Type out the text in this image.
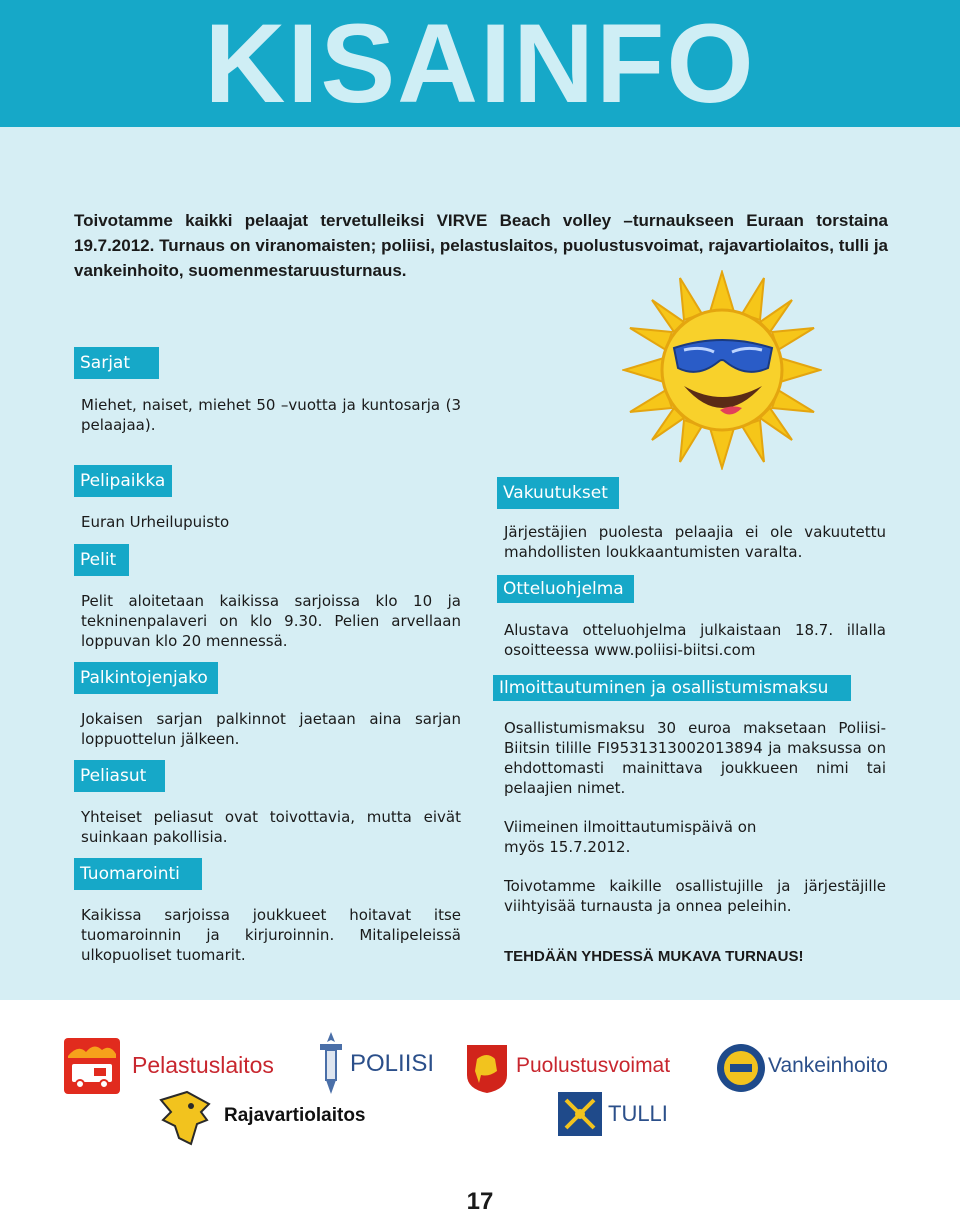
KISAINFO
Toivotamme kaikki pelaajat tervetulleiksi VIRVE Beach volley –turnaukseen Euraan torstaina 19.7.2012. Turnaus on viranomaisten; poliisi, pelastuslaitos, puolustusvoimat, rajavartiolaitos, tulli ja vankeinhoito, suomenmestaruusturnaus.
Sarjat
Miehet, naiset, miehet 50 –vuotta ja kuntosarja (3 pelaajaa).
Pelipaikka
Euran Urheilupuisto
Pelit
Pelit aloitetaan kaikissa sarjoissa klo 10 ja tekninenpalaveri on klo 9.30. Pelien arvellaan loppuvan klo 20 mennessä.
Palkintojenjako
Jokaisen sarjan palkinnot jaetaan aina sarjan loppuottelun jälkeen.
Peliasut
Yhteiset peliasut ovat toivottavia, mutta eivät suinkaan pakollisia.
Tuomarointi
Kaikissa sarjoissa joukkueet hoitavat itse tuomaroinnin ja kirjuroinnin. Mitalipeleissä ulkopuoliset tuomarit.
Vakuutukset
Järjestäjien puolesta pelaajia ei ole vakuutettu mahdollisten loukkaantumisten varalta.
Otteluohjelma
Alustava otteluohjelma julkaistaan 18.7. illalla osoitteessa www.poliisi-biitsi.com
Ilmoittautuminen ja osallistumismaksu
Osallistumismaksu 30 euroa maksetaan Poliisi-Biitsin tilille FI9531313002013894 ja maksussa on ehdottomasti mainittava joukkueen nimi tai pelaajien nimet.
Viimeinen ilmoittautumispäivä on myös 15.7.2012.
Toivotamme kaikille osallistujille ja järjestäjille viihtyisää turnausta ja onnea peleihin.
TEHDÄÄN YHDESSÄ MUKAVA TURNAUS!
Pelastuslaitos	POLIISI	Puolustusvoimat	Vankeinhoito
Rajavartiolaitos	TULLI
17
